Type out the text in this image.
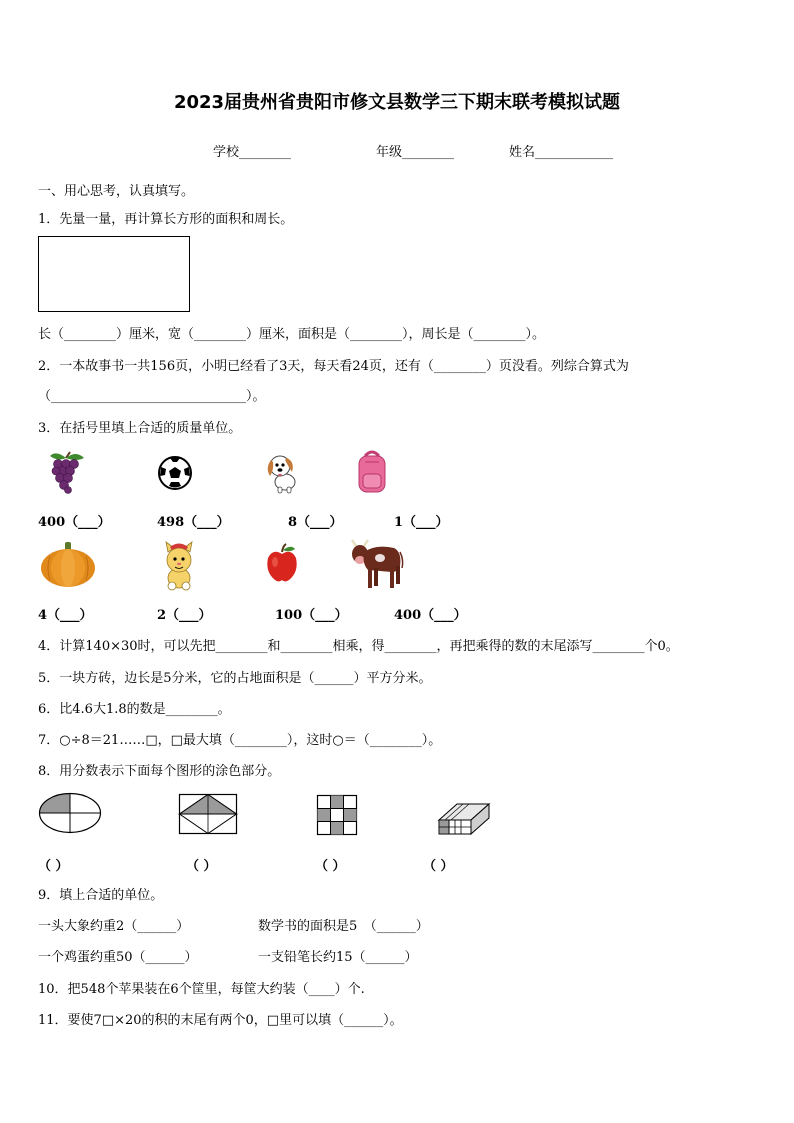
2023届贵州省贵阳市修文县数学三下期末联考模拟试题
学校________	年级________	姓名____________
一、用心思考，认真填写。
1．先量一量，再计算长方形的面积和周长。
长（________）厘米，宽（________）厘米，面积是（________），周长是（________）。
2．一本故事书一共156页，小明已经看了3天，每天看24页，还有（________）页没看。列综合算式为
（______________________________）。
3．在括号里填上合适的质量单位。
400（___）	498（___）	8（___）	1（___）
4（___）	2（___）	100（___）	400（___）
4．计算140×30时，可以先把________和________相乘，得________，再把乘得的数的末尾添写________个0。
5．一块方砖，边长是5分米，它的占地面积是（______）平方分米。
6．比4.6大1.8的数是________。
7．○÷8＝21……□，□最大填（________），这时○＝（________）。
8．用分数表示下面每个图形的涂色部分。
（ ）	（ ）	（ ）	（ ）
9．填上合适的单位。
一头大象约重2（______）	数学书的面积是5　（______）
一个鸡蛋约重50（______）	一支铅笔长约15（______）
10．把548个苹果装在6个筐里，每筐大约装（____）个.
11．要使7□×20的积的末尾有两个0，□里可以填（______）。
